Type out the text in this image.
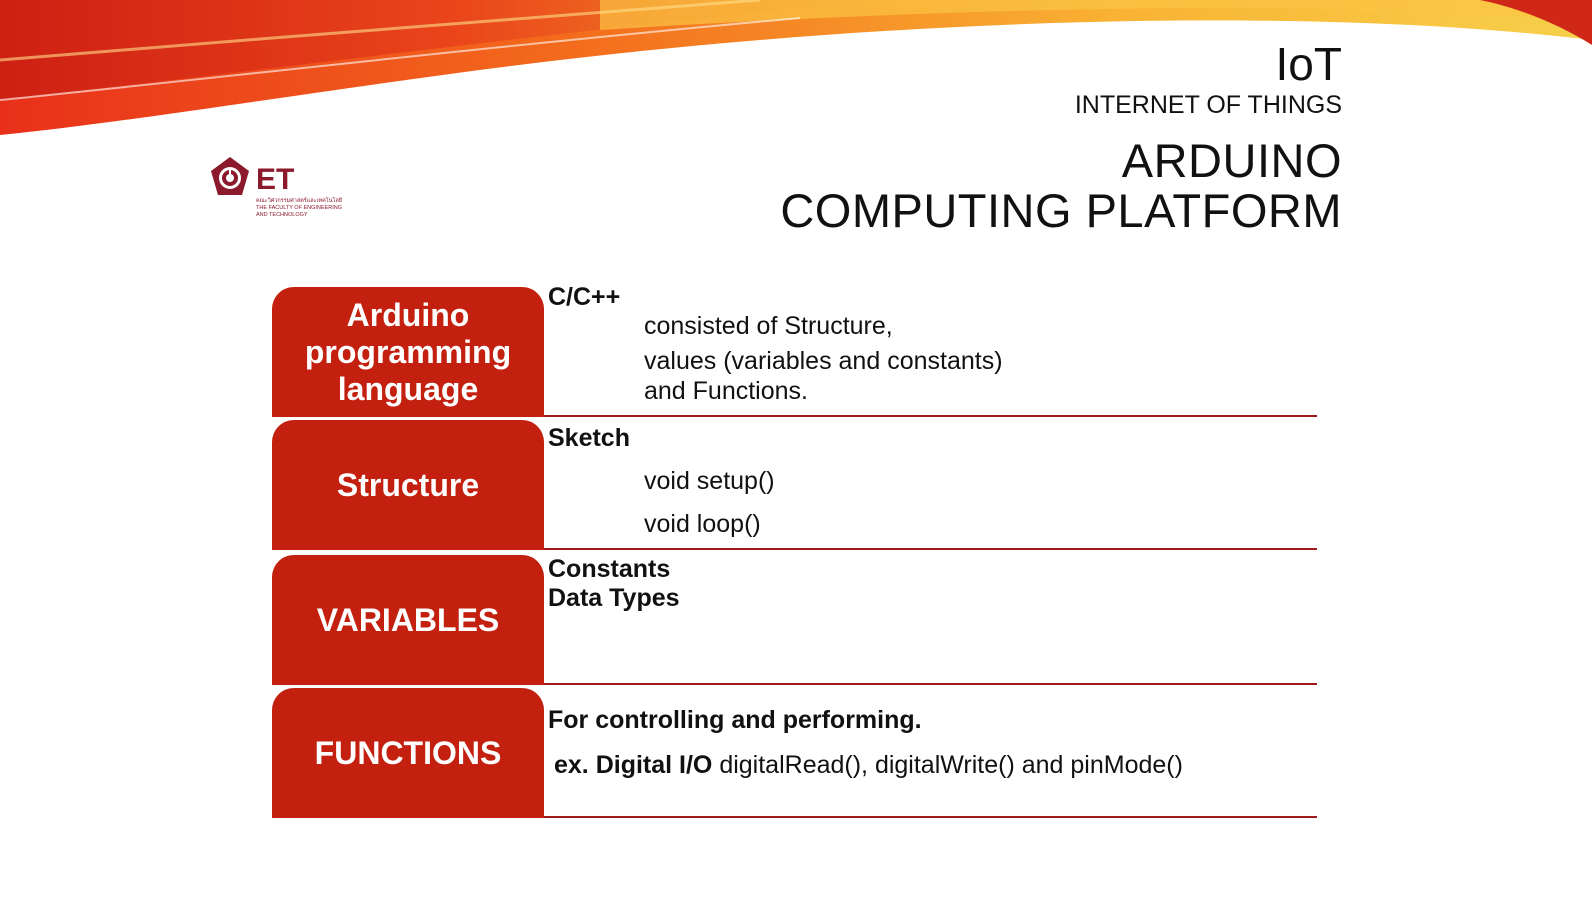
IoT
INTERNET OF THINGS
ARDUINO
COMPUTING PLATFORM
ET
คณะวิศวกรรมศาสตร์และเทคโนโลยี
THE FACULTY OF ENGINEERING
AND TECHNOLOGY
Arduino programming language
C/C++
consisted of Structure,
values (variables and constants)
and Functions.
Structure
Sketch
void setup()
void loop()
VARIABLES
Constants
Data Types
FUNCTIONS
For controlling and performing.
ex. Digital I/O digitalRead(), digitalWrite() and pinMode()
